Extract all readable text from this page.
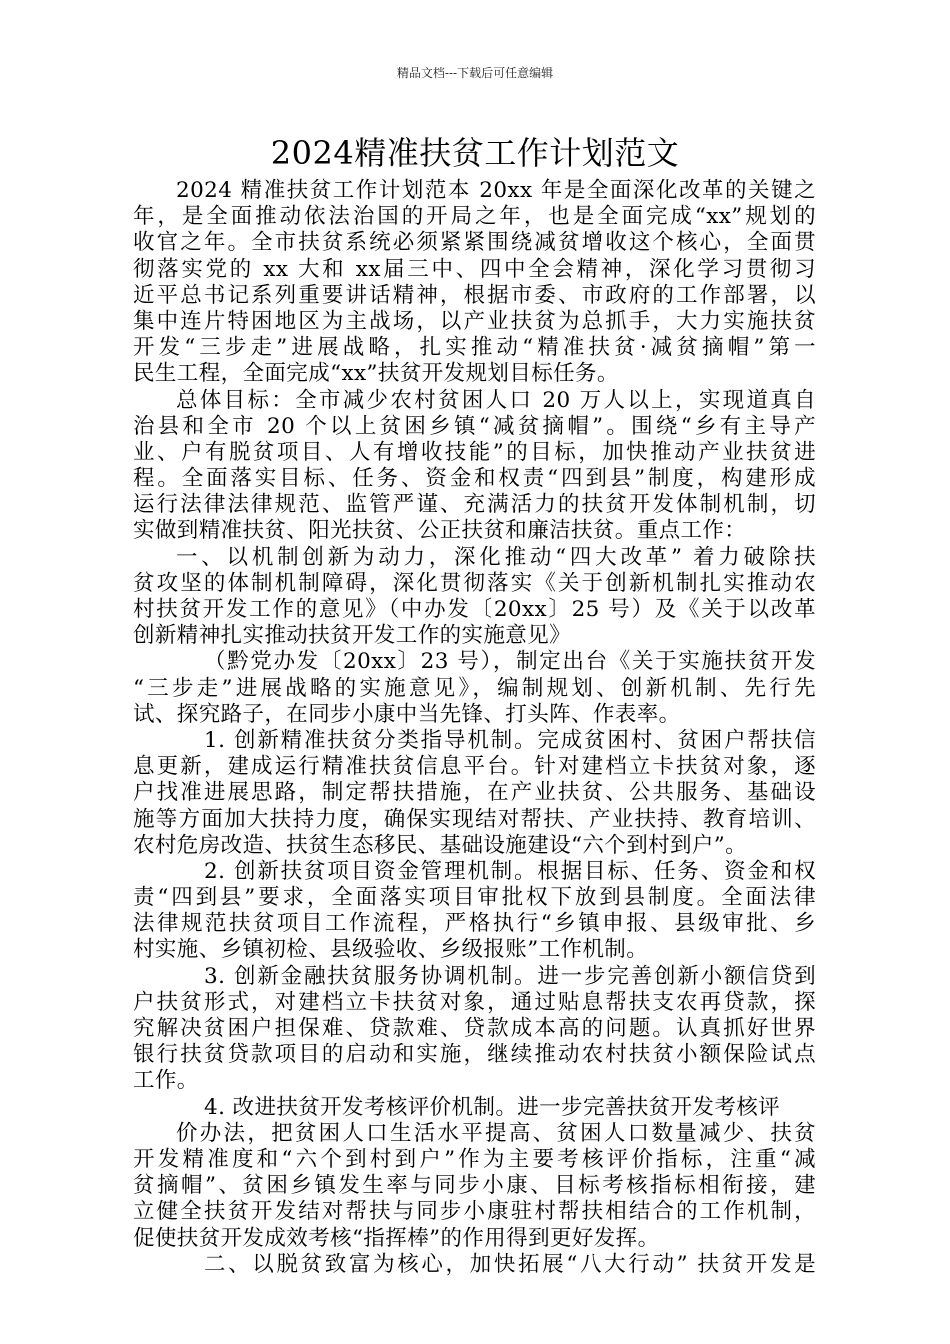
精品文档---下载后可任意编辑
2024精准扶贫工作计划范文
2024 精准扶贫工作计划范本 20xx 年是全面深化改革的关键之
年，是全面推动依法治国的开局之年，也是全面完成“xx”规划的
收官之年。全市扶贫系统必须紧紧围绕减贫增收这个核心，全面贯
彻落实党的 xx 大和 xx届三中、四中全会精神，深化学习贯彻习
近平总书记系列重要讲话精神，根据市委、市政府的工作部署，以
集中连片特困地区为主战场，以产业扶贫为总抓手，大力实施扶贫
开发“三步走”进展战略，扎实推动“精准扶贫·减贫摘帽”第一
民生工程，全面完成“xx”扶贫开发规划目标任务。
总体目标：全市减少农村贫困人口 20 万人以上，实现道真自
治县和全市 20 个以上贫困乡镇“减贫摘帽”。围绕“乡有主导产
业、户有脱贫项目、人有增收技能”的目标，加快推动产业扶贫进
程。全面落实目标、任务、资金和权责“四到县”制度，构建形成
运行法律法律规范、监管严谨、充满活力的扶贫开发体制机制，切
实做到精准扶贫、阳光扶贫、公正扶贫和廉洁扶贫。重点工作：
一、以机制创新为动力，深化推动“四大改革” 着力破除扶
贫攻坚的体制机制障碍，深化贯彻落实《关于创新机制扎实推动农
村扶贫开发工作的意见》（中办发〔20xx〕25 号）及《关于以改革
创新精神扎实推动扶贫开发工作的实施意见》
（黔党办发〔20xx〕23 号），制定出台《关于实施扶贫开发
“三步走”进展战略的实施意见》，编制规划、创新机制、先行先
试、探究路子，在同步小康中当先锋、打头阵、作表率。
1. 创新精准扶贫分类指导机制。完成贫困村、贫困户帮扶信
息更新，建成运行精准扶贫信息平台。针对建档立卡扶贫对象，逐
户找准进展思路，制定帮扶措施，在产业扶贫、公共服务、基础设
施等方面加大扶持力度，确保实现结对帮扶、产业扶持、教育培训、
农村危房改造、扶贫生态移民、基础设施建设“六个到村到户”。
2. 创新扶贫项目资金管理机制。根据目标、任务、资金和权
责“四到县”要求，全面落实项目审批权下放到县制度。全面法律
法律规范扶贫项目工作流程，严格执行“乡镇申报、县级审批、乡
村实施、乡镇初检、县级验收、乡级报账”工作机制。
3. 创新金融扶贫服务协调机制。进一步完善创新小额信贷到
户扶贫形式，对建档立卡扶贫对象，通过贴息帮扶支农再贷款，探
究解决贫困户担保难、贷款难、贷款成本高的问题。认真抓好世界
银行扶贫贷款项目的启动和实施，继续推动农村扶贫小额保险试点
工作。
4. 改进扶贫开发考核评价机制。进一步完善扶贫开发考核评
价办法，把贫困人口生活水平提高、贫困人口数量减少、扶贫
开发精准度和“六个到村到户”作为主要考核评价指标，注重“减
贫摘帽”、贫困乡镇发生率与同步小康、目标考核指标相衔接，建
立健全扶贫开发结对帮扶与同步小康驻村帮扶相结合的工作机制，
促使扶贫开发成效考核“指挥棒”的作用得到更好发挥。
二、以脱贫致富为核心，加快拓展“八大行动” 扶贫开发是
